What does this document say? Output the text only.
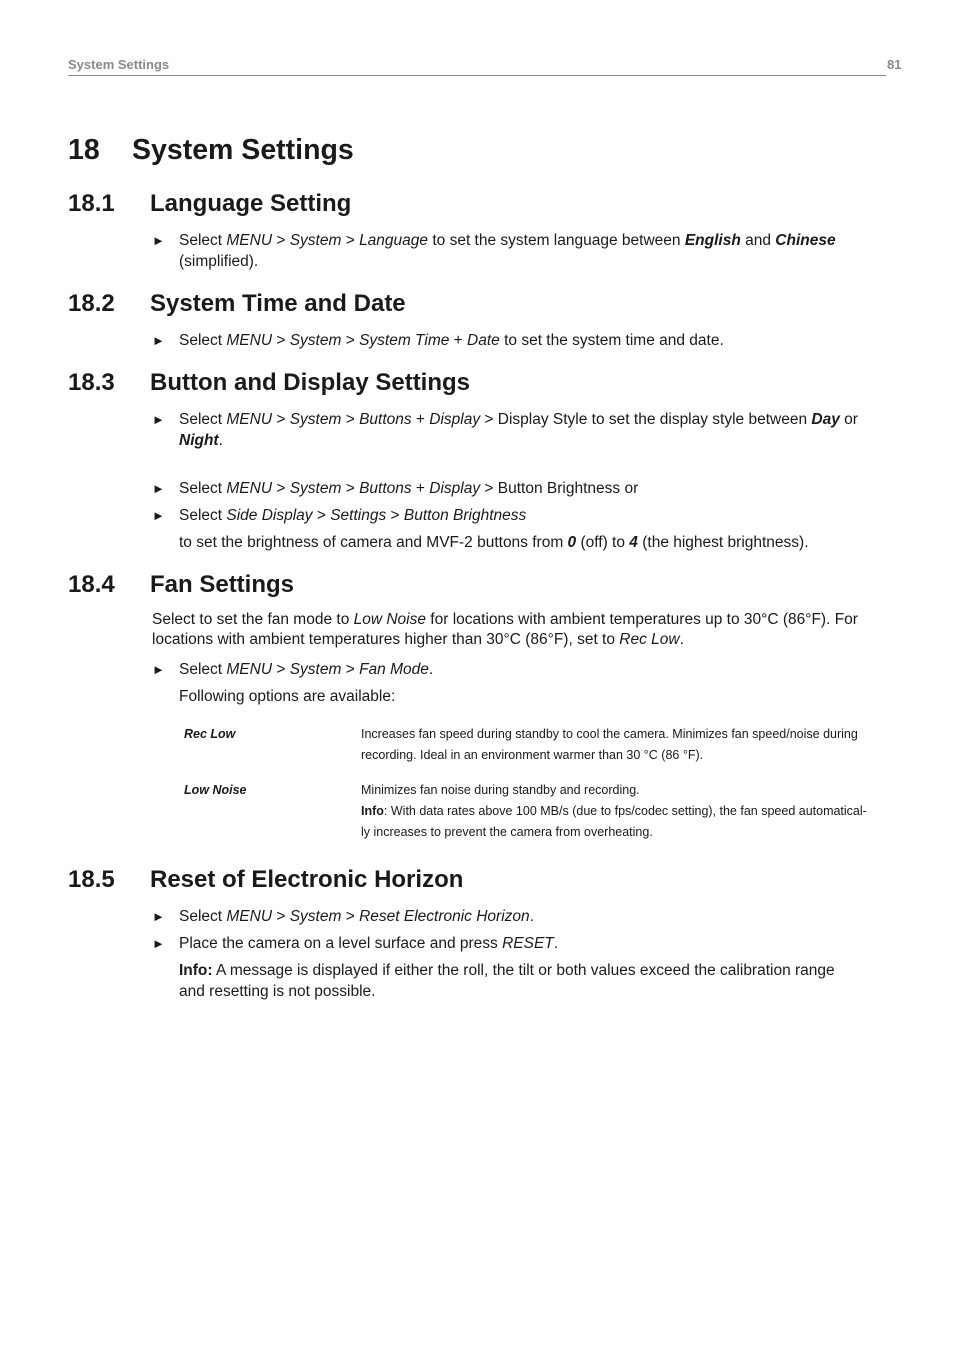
System Settings	81
18 System Settings
18.1 Language Setting
► Select MENU > System > Language to set the system language between English and Chinese
(simplified).
18.2 System Time and Date
► Select MENU > System > System Time + Date to set the system time and date.
18.3 Button and Display Settings
► Select MENU > System > Buttons + Display > Display Style to set the display style between Day or
Night.
► Select MENU > System > Buttons + Display > Button Brightness or
► Select Side Display > Settings > Button Brightness
to set the brightness of camera and MVF-2 buttons from 0 (off) to 4 (the highest brightness).
18.4 Fan Settings
Select to set the fan mode to Low Noise for locations with ambient temperatures up to 30°C (86°F). For
locations with ambient temperatures higher than 30°C (86°F), set to Rec Low.
► Select MENU > System > Fan Mode.
Following options are available:
Rec Low	Increases fan speed during standby to cool the camera. Minimizes fan speed/noise during
recording. Ideal in an environment warmer than 30 °C (86 °F).
Low Noise	Minimizes fan noise during standby and recording.
Info: With data rates above 100 MB/s (due to fps/codec setting), the fan speed automatical-
ly increases to prevent the camera from overheating.
18.5 Reset of Electronic Horizon
► Select MENU > System > Reset Electronic Horizon.
► Place the camera on a level surface and press RESET.
Info: A message is displayed if either the roll, the tilt or both values exceed the calibration range
and resetting is not possible.
